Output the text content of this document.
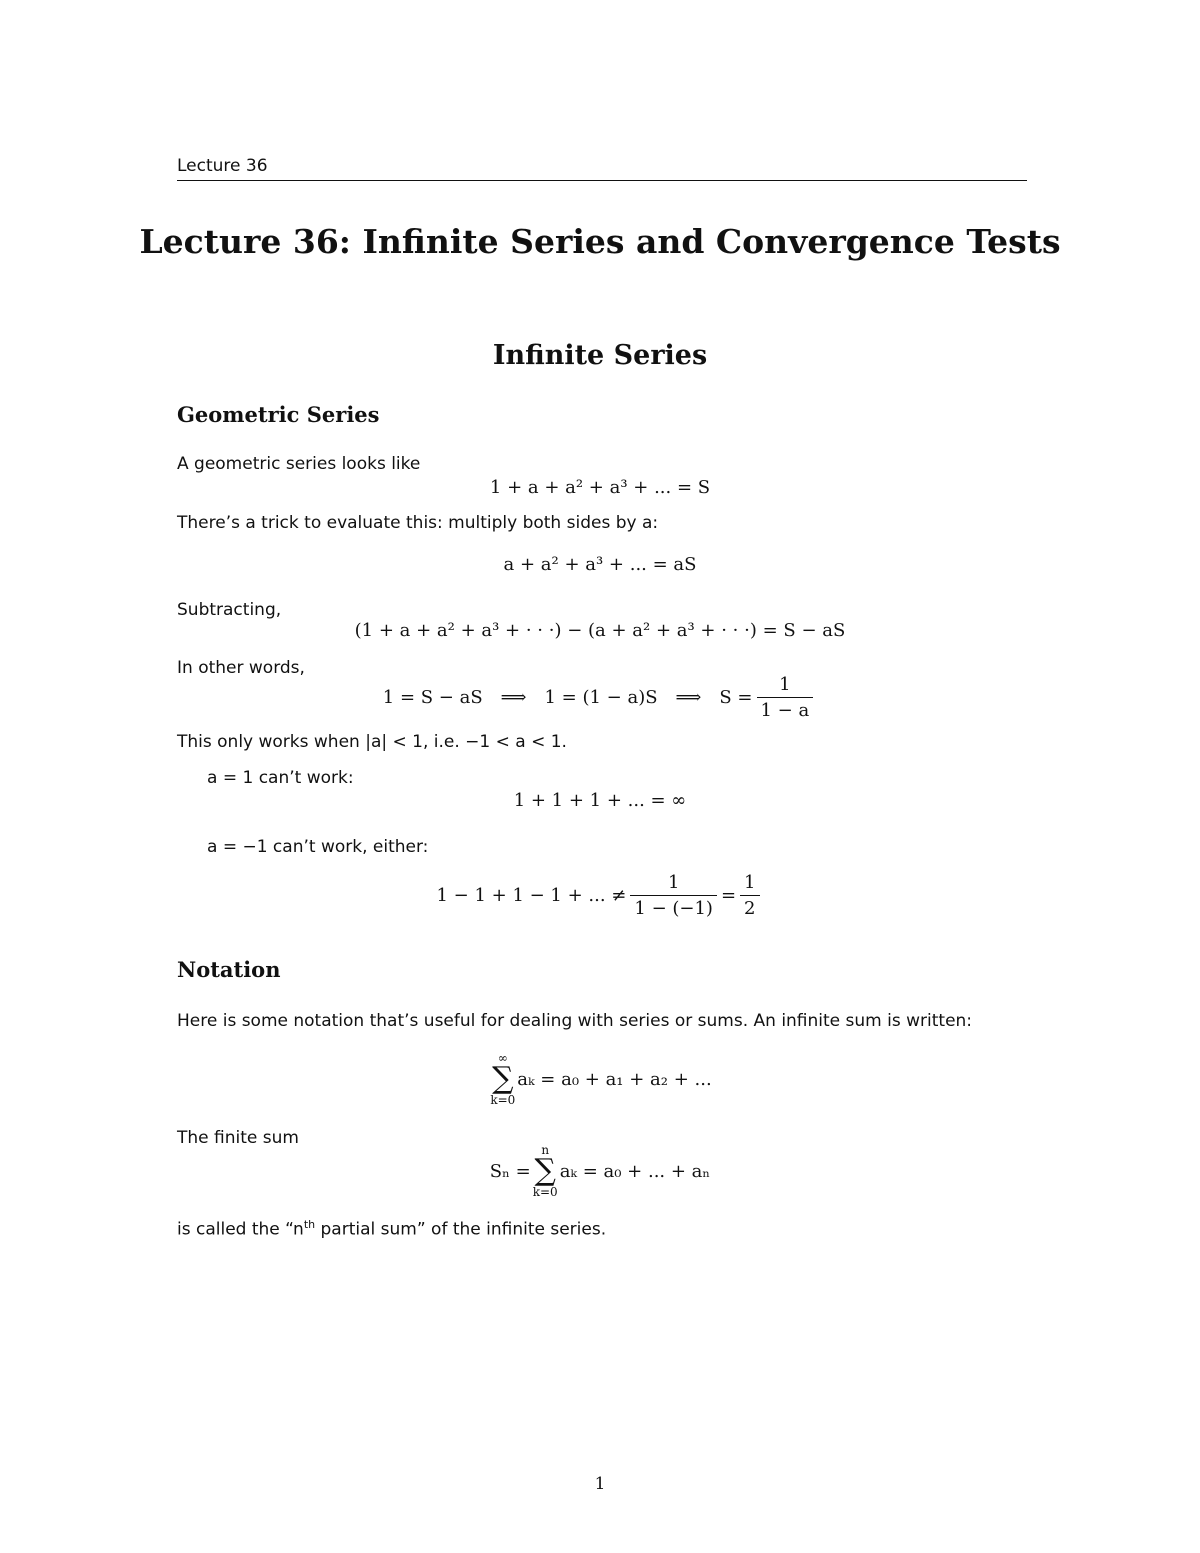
Lecture 36
Lecture 36: Infinite Series and Convergence Tests
Infinite Series
Geometric Series
A geometric series looks like
1 + a + a² + a³ + ... = S
There’s a trick to evaluate this: multiply both sides by a:
a + a² + a³ + ... = aS
Subtracting,
(1 + a + a² + a³ + · · ·) − (a + a² + a³ + · · ·) = S − aS
In other words,
1 = S − aS ⟹ 1 = (1 − a)S ⟹ $S = \frac{1}{1 - a}$
This only works when |a| < 1, i.e. −1 < a < 1.
a = 1 can’t work:
1 + 1 + 1 + ... = ∞
a = −1 can’t work, either:
1 − 1 + 1 − 1 + ... ≠ $\frac{1}{1 - (-1)} = \frac{1}{2}$
Notation
Here is some notation that’s useful for dealing with series or sums. An infinite sum is written:
∞
∑
k=0
aₖ = a₀ + a₁ + a₂ + ...
The finite sum
Sₙ =
n
∑
k=0
aₖ = a₀ + ... + aₙ
is called the “$n^{th}$ partial sum” of the infinite series.
1
